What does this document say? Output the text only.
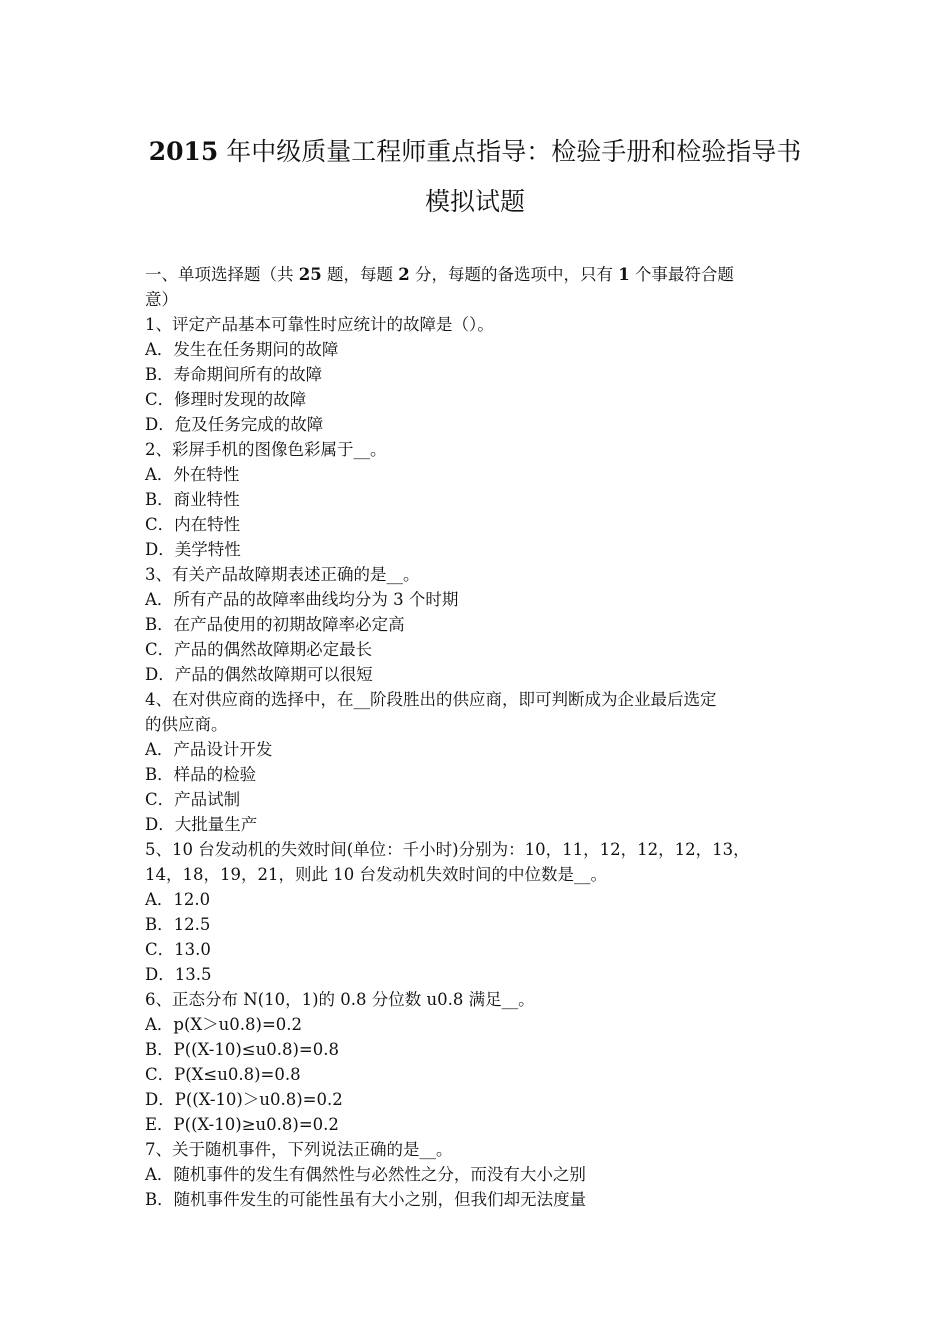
2015 年中级质量工程师重点指导：检验手册和检验指导书
模拟试题
一、单项选择题（共 25 题，每题 2 分，每题的备选项中，只有 1 个事最符合题
意）
1、评定产品基本可靠性时应统计的故障是（）。
A．发生在任务期问的故障
B．寿命期间所有的故障
C．修理时发现的故障
D．危及任务完成的故障
2、彩屏手机的图像色彩属于__。
A．外在特性
B．商业特性
C．内在特性
D．美学特性
3、有关产品故障期表述正确的是__。
A．所有产品的故障率曲线均分为 3 个时期
B．在产品使用的初期故障率必定高
C．产品的偶然故障期必定最长
D．产品的偶然故障期可以很短
4、在对供应商的选择中，在__阶段胜出的供应商，即可判断成为企业最后选定
的供应商。
A．产品设计开发
B．样品的检验
C．产品试制
D．大批量生产
5、10 台发动机的失效时间(单位：千小时)分别为：10，11，12，12，12，13，
14，18，19，21，则此 10 台发动机失效时间的中位数是__。
A．12.0
B．12.5
C．13.0
D．13.5
6、正态分布 N(10，1)的 0.8 分位数 u0.8 满足__。
A．p(X＞u0.8)=0.2
B．P((X-10)≤u0.8)=0.8
C．P(X≤u0.8)=0.8
D．P((X-10)＞u0.8)=0.2
E．P((X-10)≥u0.8)=0.2
7、关于随机事件，下列说法正确的是__。
A．随机事件的发生有偶然性与必然性之分，而没有大小之别
B．随机事件发生的可能性虽有大小之别，但我们却无法度量
